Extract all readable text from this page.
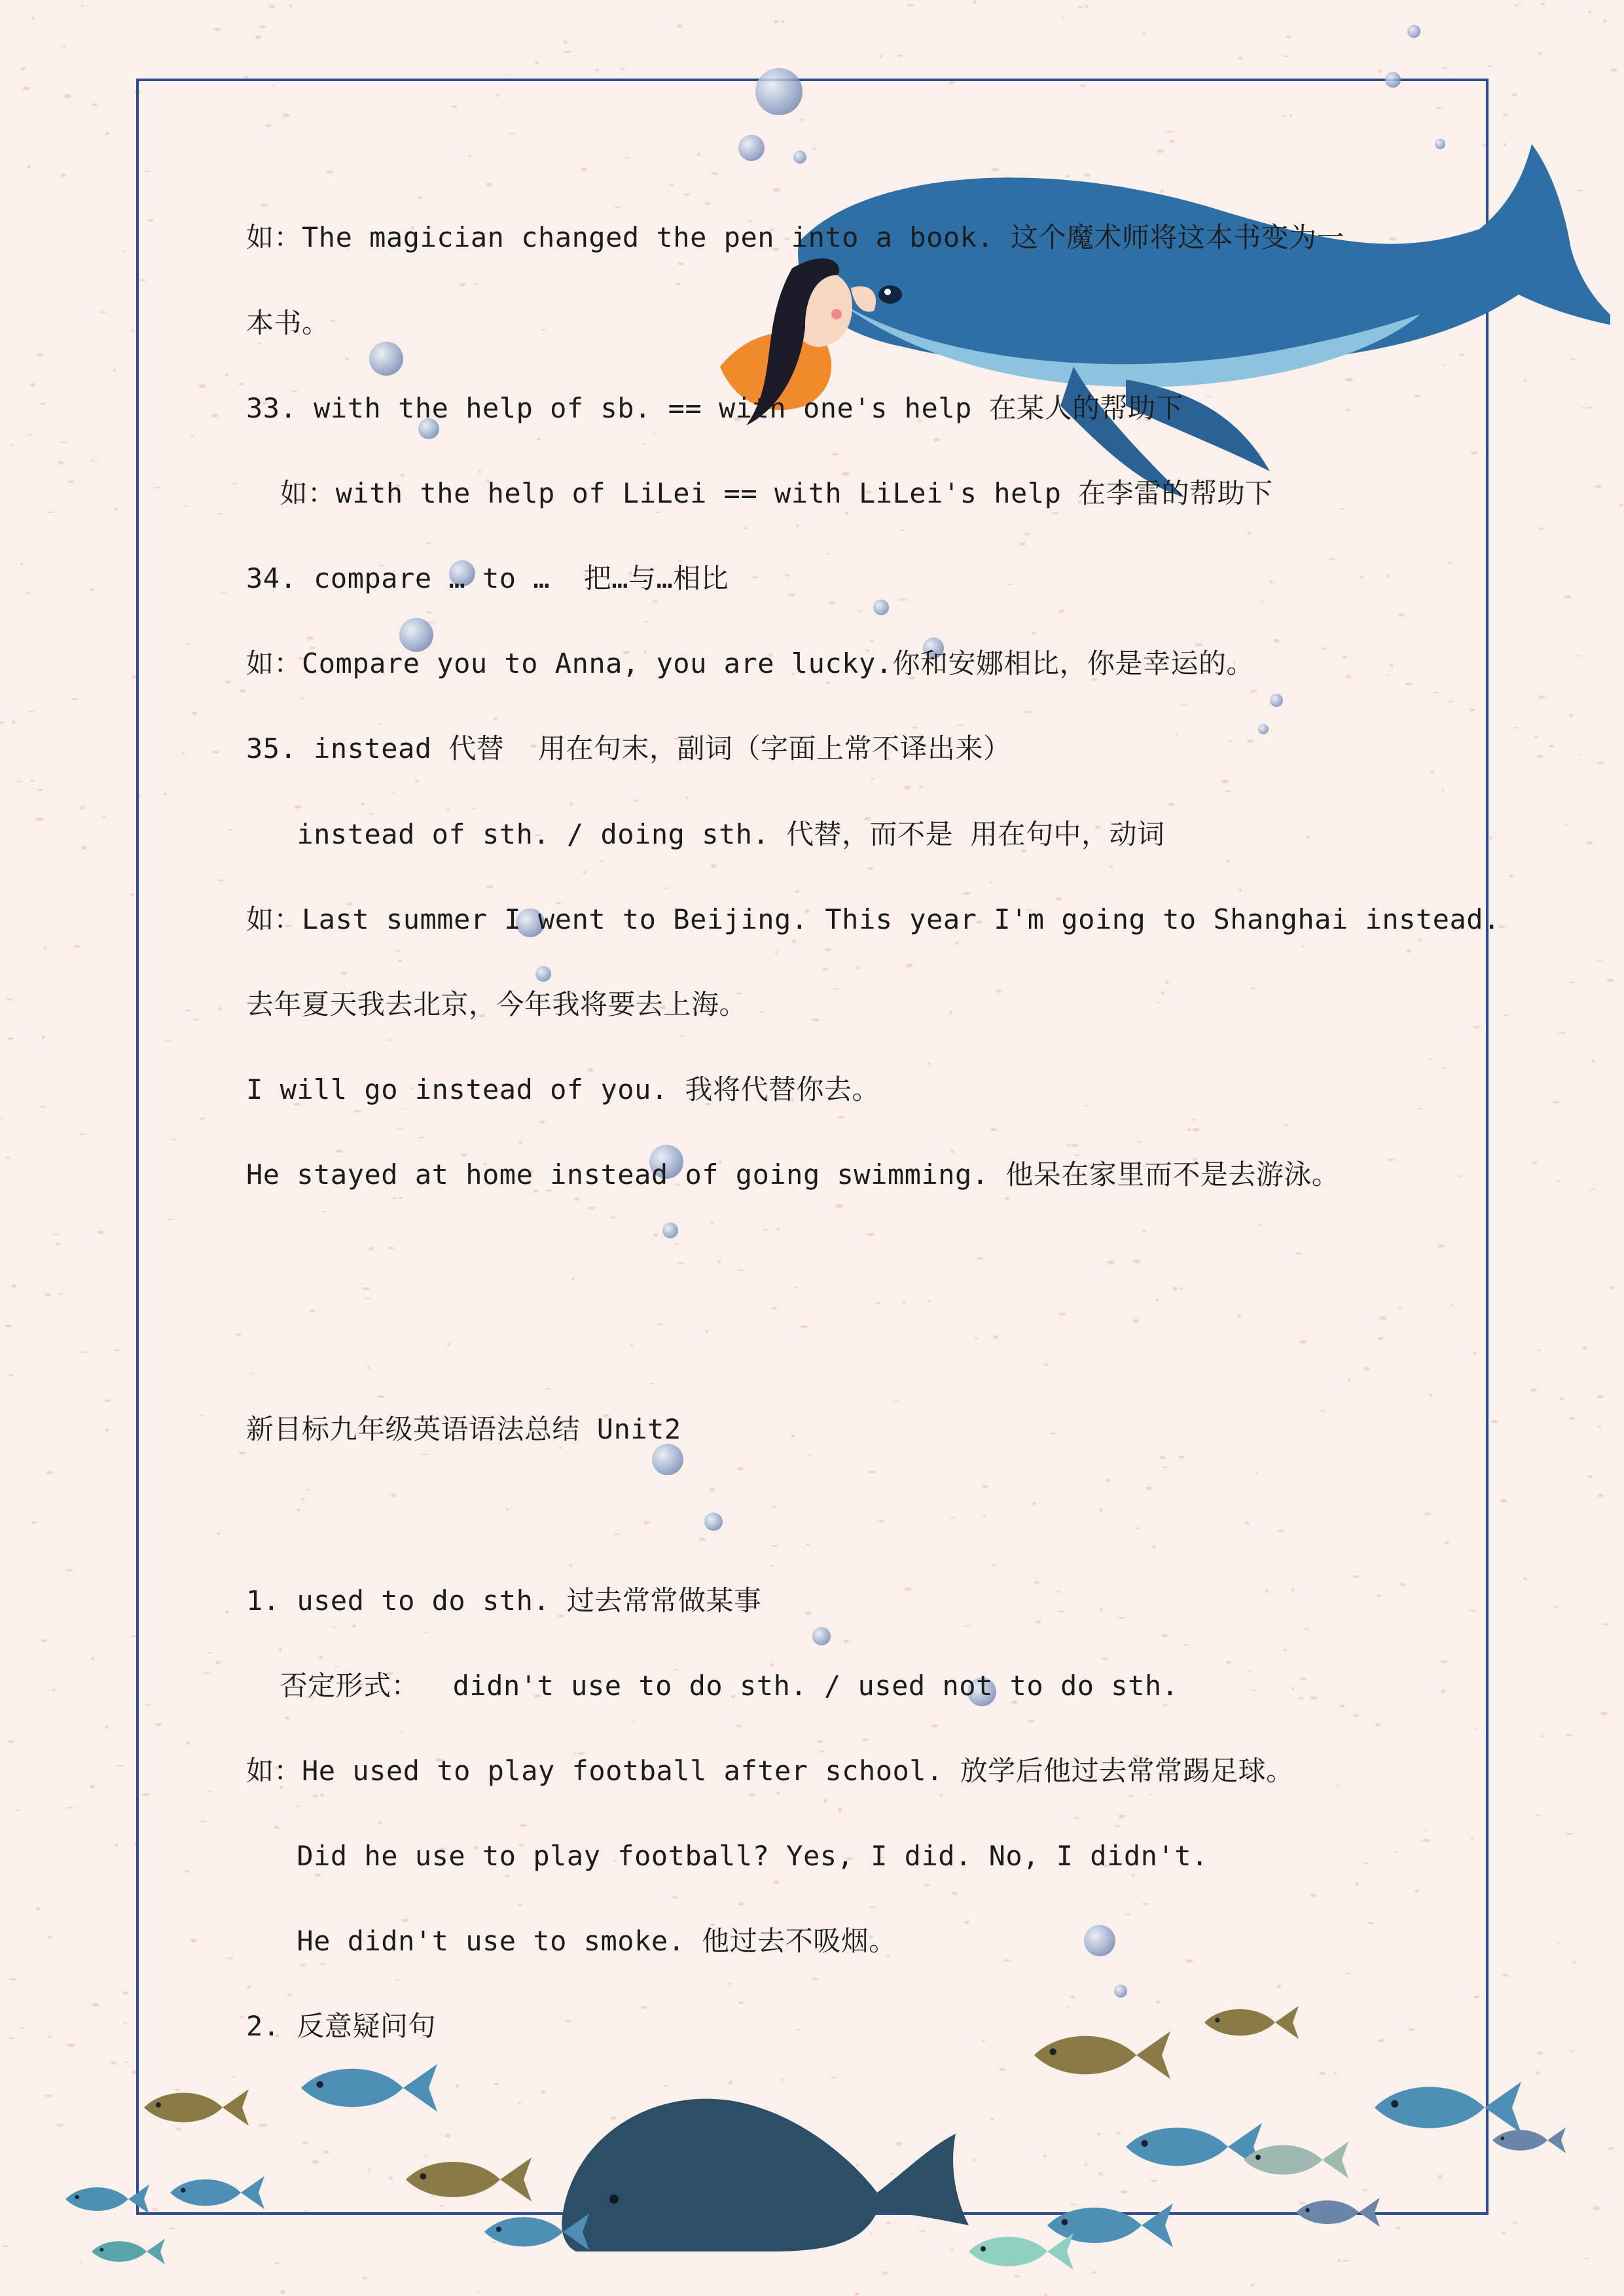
如：The magician changed the pen into a book. 这个魔术师将这本书变为一
本书。
33. with the help of sb. == with one's help 在某人的帮助下
如：with the help of LiLei == with LiLei's help 在李雷的帮助下
34. compare … to …  把…与…相比
如：Compare you to Anna, you are lucky.你和安娜相比，你是幸运的。
35. instead 代替  用在句末，副词（字面上常不译出来）
instead of sth. / doing sth. 代替，而不是 用在句中，动词
如：Last summer I went to Beijing. This year I'm going to Shanghai instead.
去年夏天我去北京，今年我将要去上海。
I will go instead of you. 我将代替你去。
He stayed at home instead of going swimming. 他呆在家里而不是去游泳。
新目标九年级英语语法总结 Unit2
1. used to do sth. 过去常常做某事
否定形式：  didn't use to do sth. / used not to do sth.
如：He used to play football after school. 放学后他过去常常踢足球。
Did he use to play football? Yes, I did. No, I didn't.
He didn't use to smoke. 他过去不吸烟。
2. 反意疑问句
